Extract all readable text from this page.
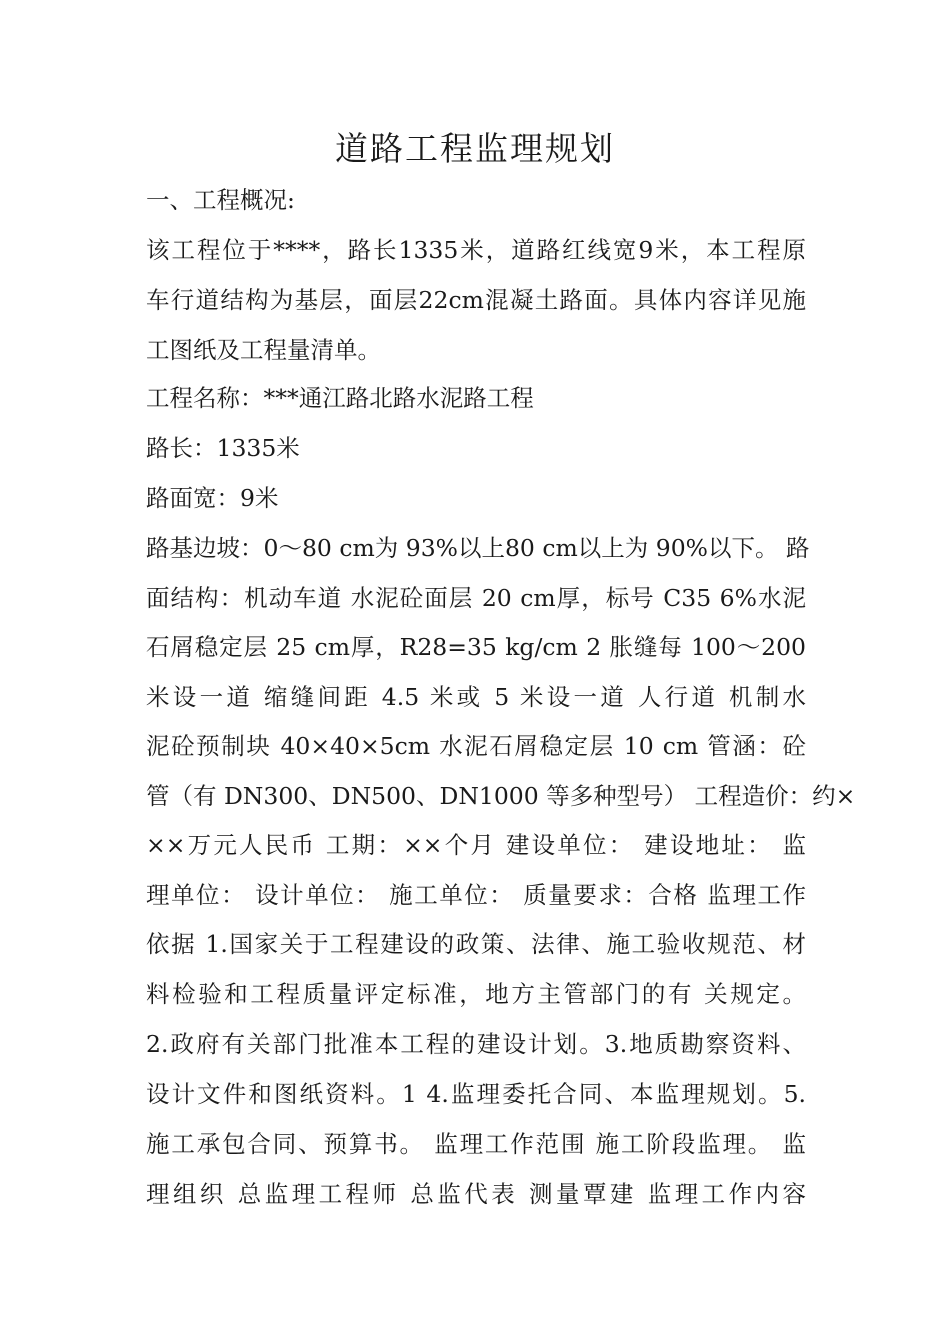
道路工程监理规划
一、工程概况:
该工程位于****，路长1335米，道路红线宽9米，本工程原
车行道结构为基层，面层22cm混凝土路面。具体内容详见施
工图纸及工程量清单。
工程名称：***通江路北路水泥路工程
路长：1335米
路面宽：9米
路基边坡：0～80 cm为 93%以上80 cm以上为 90%以下。 路
面结构：机动车道 水泥砼面层 20 cm厚，标号 C35 6%水泥
石屑稳定层 25 cm厚，R28=35 kg/cm 2 胀缝每 100～200
米设一道 缩缝间距 4.5 米或 5 米设一道 人行道 机制水
泥砼预制块 40×40×5cm 水泥石屑稳定层 10 cm 管涵：砼
管（有 DN300、DN500、DN1000 等多种型号） 工程造价：约×
××万元人民币 工期：××个月 建设单位： 建设地址： 监
理单位： 设计单位： 施工单位： 质量要求：合格 监理工作
依据 1.国家关于工程建设的政策、法律、施工验收规范、材
料检验和工程质量评定标准，地方主管部门的有 关规定。
2.政府有关部门批准本工程的建设计划。3.地质勘察资料、
设计文件和图纸资料。1 4.监理委托合同、本监理规划。5.
施工承包合同、预算书。 监理工作范围 施工阶段监理。 监
理组织 总监理工程师 总监代表 测量覃建 监理工作内容
